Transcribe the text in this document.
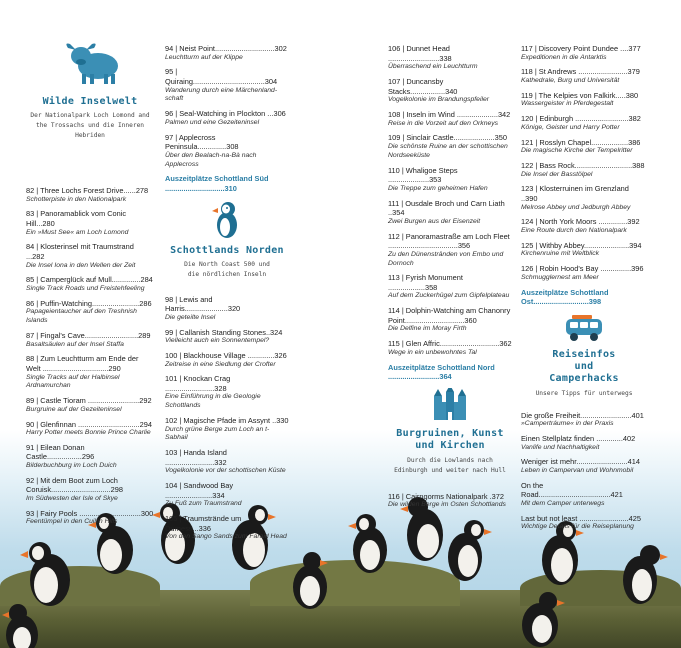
Wilde Inselwelt
Der Nationalpark Loch Lomond and the Trossachs und die Inneren Hebriden
82 | Three Lochs Forest Drive......278
Schotterpiste in den Nationalpark
83 | Panoramablick vom Conic Hill...280
Ein »Must See« am Loch Lomond
84 | Klosterinsel mit Traumstrand ...282
Die Insel Iona in den Wellen der Zeit
85 | Camperglück auf Mull..............284
Single Track Roads und Freistehfeeling
86 | Puffin-Watching.......................286
Papageientaucher auf den Treshnish Islands
87 | Fingal's Cave..........................289
Basaltsäulen auf der Insel Staffa
88 | Zum Leuchtturm am Ende der Welt ................................290
Single Tracks auf der Halbinsel Ardnamurchan
89 | Castle Tioram .........................292
Burgruine auf der Gezeiteninsel
90 | Glenfinnan ..............................294
Harry Potter meets Bonnie Prince Charlie
91 | Eilean Donan Castle.................296
Bilderbuchburg im Loch Duich
92 | Mit dem Boot zum Loch Coruisk.............................298
Im Südwesten der Isle of Skye
93 | Fairy Pools ..............................300
Feentümpel in den Cuillin Hills
94 | Neist Point.............................302
Leuchtturm auf der Klippe
95 | Quiraing...................................304
Wanderung durch eine Märchenland-schaft
96 | Seal-Watching in Plockton ...306
Palmen und eine Gezeiteninsel
97 | Applecross Peninsula..............308
Über den Bealach-na-Bà nach Applecross
Auszeitplätze Schottland Süd .............................310
Schottlands Norden
Die North Coast 500 und die nördlichen Inseln
98 | Lewis and Harris.....................320
Die geteilte Insel
99 | Callanish Standing Stones..324
Vielleicht auch ein Sonnentempel?
100 | Blackhouse Village .............326
Zeitreise in eine Siedlung der Crofter
101 | Knockan Crag ........................328
Eine Einführung in die Geologie Schottlands
102 | Magische Pfade im Assynt ..330
Durch grüne Berge zum Loch an t-Sabhail
103 | Handa Island ........................332
Vogelkolonie vor der schottischen Küste
104 | Sandwood Bay .......................334
Zu Fuß zum Traumstrand
105 | Traumstrände um Durness...336
Von den Sango Sands zum Faraid Head
106 | Dunnet Head .........................338
Überraschend ein Leuchtturm
107 | Duncansby Stacks.................340
Vogelkolonie im Brandungspfeiler
108 | Inseln im Wind ....................342
Reise in die Vorzeit auf den Orkneys
109 | Sinclair Castle....................350
Die schönste Ruine an der schottischen Nordseeküste
110 | Whaligoe Steps ....................353
Die Treppe zum geheimen Hafen
111 | Ousdale Broch und Carn Liath ..354
Zwei Burgen aus der Eisenzeit
112 | Panoramastraße am Loch Fleet ..................................356
Zu den Dünenstränden von Embo und Dornoch
113 | Fyrish Monument ..................358
Auf dem Zuckerhügel zum Gipfelplateau
114 | Dolphin-Watching am Chanonry Point.............................360
Die Delfine im Moray Firth
115 | Glen Affric.............................362
Wege in ein unbewohntes Tal
Auszeitplätze Schottland Nord .........................364
Burgruinen, Kunst und Kirchen
Durch die Lowlands nach Edinburgh und weiter nach Hull
116 | Cairngorms Nationalpark .372
Die wilden Berge im Osten Schottlands
117 | Discovery Point Dundee ....377
Expeditionen in die Antarktis
118 | St Andrews ........................379
Kathedrale, Burg und Universität
119 | The Kelpies von Falkirk.....380
Wassergeister in Pferdegestalt
120 | Edinburgh ..........................382
Könige, Geister und Harry Potter
121 | Rosslyn Chapel..................386
Die magische Kirche der Tempelritter
122 | Bass Rock............................388
Die Insel der Basstölpel
123 | Klosterruinen im Grenzland ..390
Melrose Abbey und Jedburgh Abbey
124 | North York Moors ..............392
Eine Route durch den Nationalpark
125 | Withby Abbey......................394
Kirchenruine mit Weltblick
126 | Robin Hood's Bay ...............396
Schmugglernest am Meer
Auszeitplätze Schottland Ost...........................398
Reiseinfos und Camperhacks
Unsere Tipps für unterwegs
Die große Freiheit.........................401
»Campertráume« in der Praxis
Einen Stellplatz finden .............402
Vanlife und Nachhaltigkeit
Weniger ist mehr.........................414
Leben in Campervan und Wohnmobil
On the Road...................................421
Mit dem Camper unterwegs
Last but not least ........................425
Wichtige Details für die Reiseplanung
